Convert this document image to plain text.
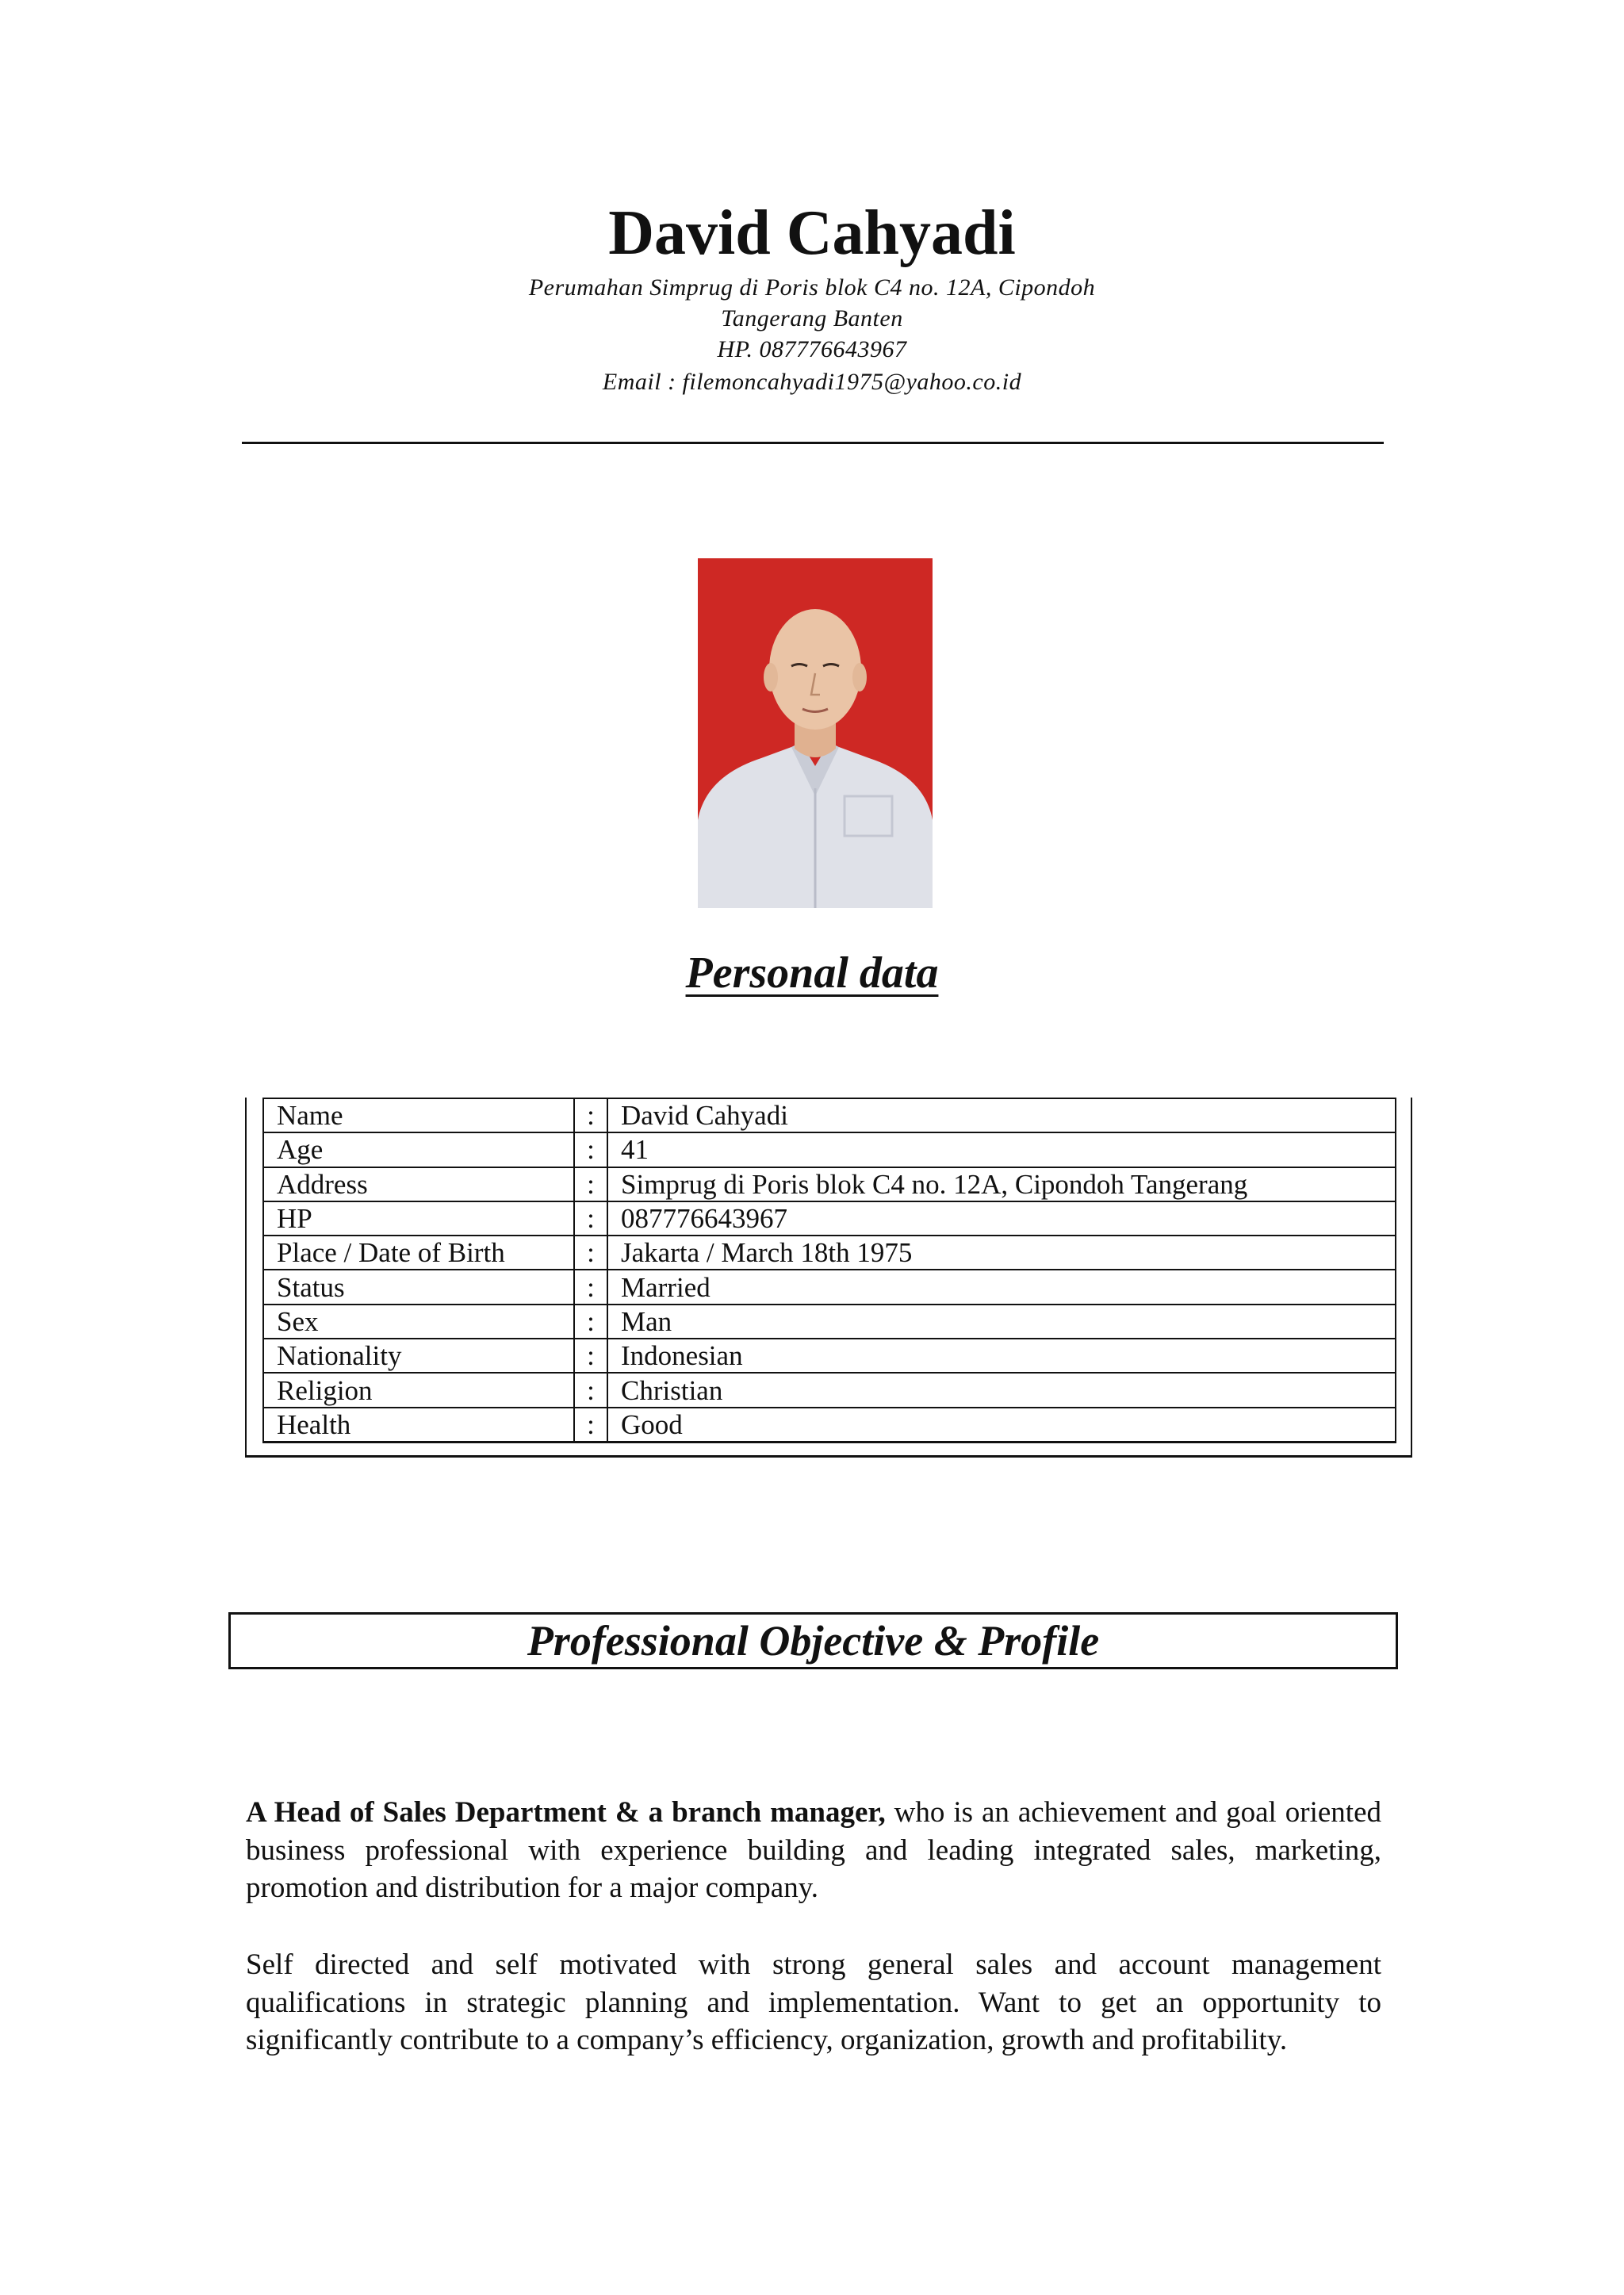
David Cahyadi
Perumahan Simprug di Poris blok C4 no. 12A, Cipondoh
Tangerang Banten
HP. 087776643967
Email : filemoncahyadi1975@yahoo.co.id
Personal data
Name	:	David Cahyadi
Age	:	41
Address	:	Simprug di Poris blok C4 no. 12A, Cipondoh Tangerang
HP	:	087776643967
Place / Date of Birth	:	Jakarta / March 18th 1975
Status	:	Married
Sex	:	Man
Nationality	:	Indonesian
Religion	:	Christian
Health	:	Good
Professional Objective & Profile

A Head of Sales Department & a branch manager, who is an achievement and goal oriented business professional with experience building and leading integrated sales, marketing, promotion and distribution for a major company.

Self directed and self motivated with strong general sales and account management qualifications in strategic planning and implementation. Want to get an opportunity to significantly contribute to a company’s efficiency, organization, growth and profitability.
